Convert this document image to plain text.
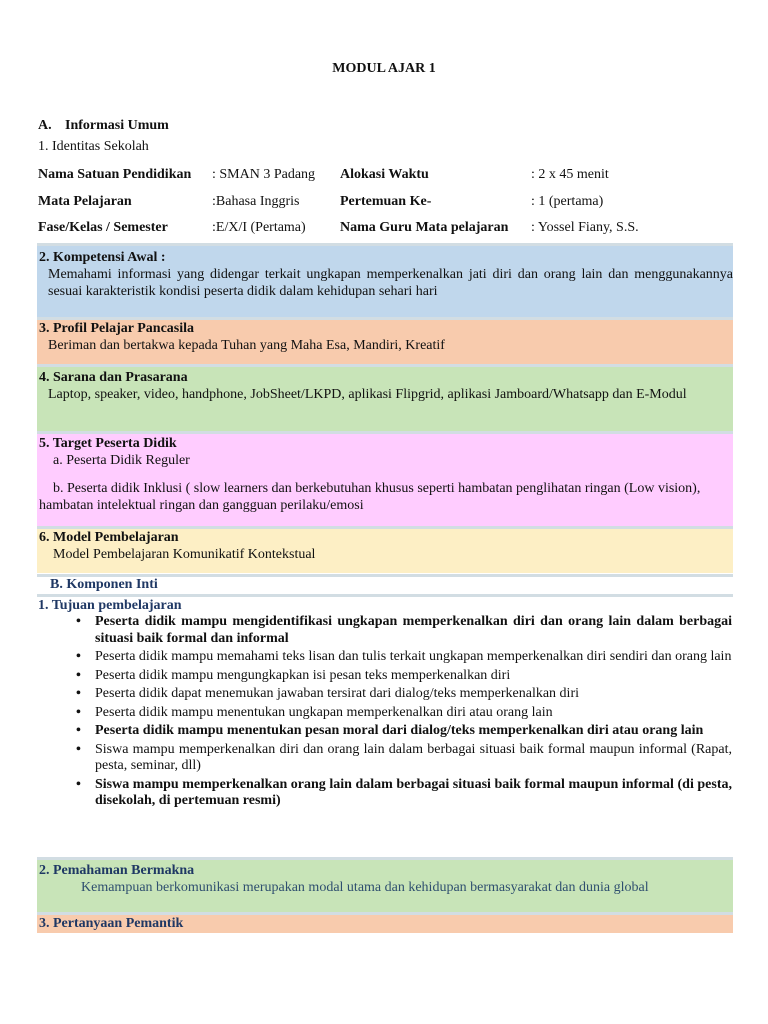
MODUL AJAR 1
A. Informasi Umum
1. Identitas Sekolah
Nama Satuan Pendidikan	: SMAN 3 Padang	Alokasi Waktu	: 2 x 45 menit
Mata Pelajaran	:Bahasa Inggris	Pertemuan Ke-	: 1 (pertama)
Fase/Kelas / Semester	:E/X/I (Pertama)	Nama Guru Mata pelajaran	: Yossel Fiany, S.S.
2. Kompetensi Awal :
Memahami informasi yang didengar terkait ungkapan memperkenalkan jati diri dan orang lain dan menggunakannya sesuai karakteristik kondisi peserta didik dalam kehidupan sehari hari
3. Profil Pelajar Pancasila
Beriman dan bertakwa kepada Tuhan yang Maha Esa, Mandiri, Kreatif
4. Sarana dan Prasarana
Laptop, speaker, video, handphone, JobSheet/LKPD, aplikasi Flipgrid, aplikasi Jamboard/Whatsapp dan E-Modul
5. Target Peserta Didik
a. Peserta Didik Reguler
b. Peserta didik Inklusi ( slow learners dan berkebutuhan khusus seperti hambatan penglihatan ringan (Low vision), hambatan intelektual ringan dan gangguan perilaku/emosi
6. Model Pembelajaran
Model Pembelajaran Komunikatif Kontekstual
B. Komponen Inti
1. Tujuan pembelajaran
• Peserta didik mampu mengidentifikasi ungkapan memperkenalkan diri dan orang lain dalam berbagai situasi baik formal dan informal
• Peserta didik mampu memahami teks lisan dan tulis terkait ungkapan memperkenalkan diri sendiri dan orang lain
• Peserta didik mampu mengungkapkan isi pesan teks memperkenalkan diri
• Peserta didik dapat menemukan jawaban tersirat dari dialog/teks memperkenalkan diri
• Peserta didik mampu menentukan ungkapan memperkenalkan diri atau orang lain
• Peserta didik mampu menentukan pesan moral dari dialog/teks memperkenalkan diri atau orang lain
• Siswa mampu memperkenalkan diri dan orang lain dalam berbagai situasi baik formal maupun informal (Rapat, pesta, seminar, dll)
• Siswa mampu memperkenalkan orang lain dalam berbagai situasi baik formal maupun informal (di pesta, disekolah, di pertemuan resmi)
2. Pemahaman Bermakna
Kemampuan berkomunikasi merupakan modal utama dan kehidupan bermasyarakat dan dunia global
3. Pertanyaan Pemantik
